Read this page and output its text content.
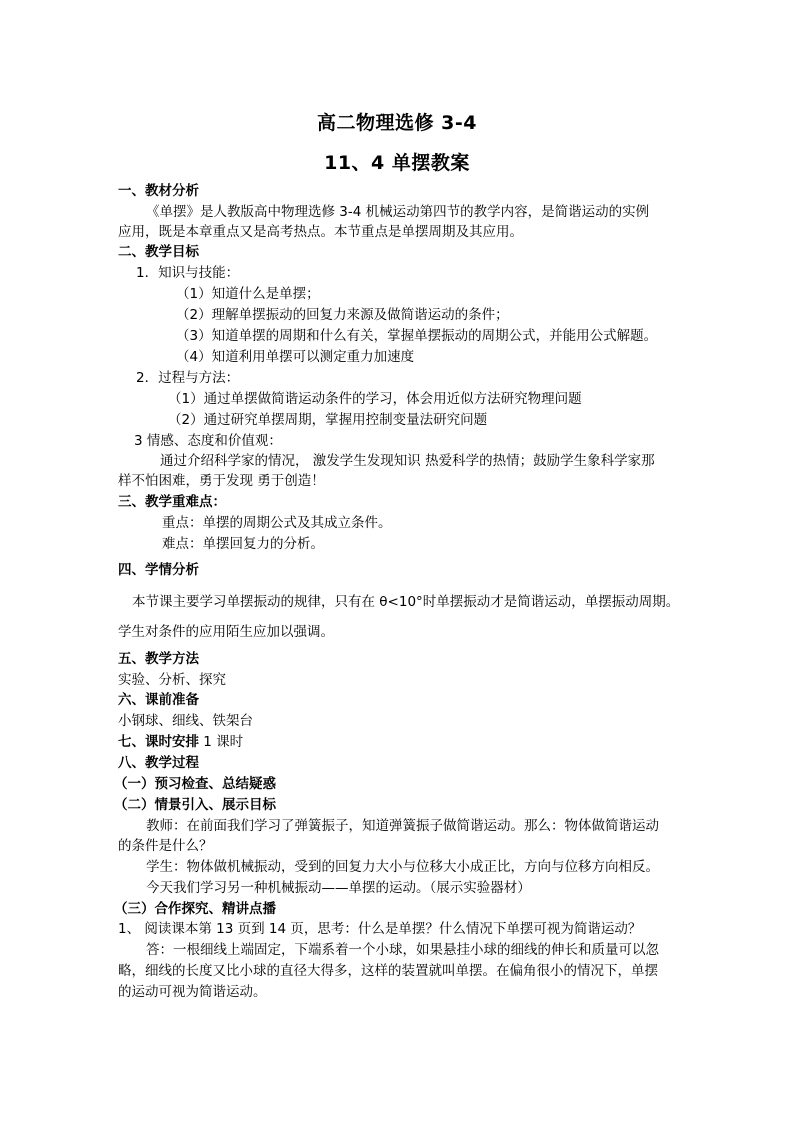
高二物理选修 3-4
11、4 单摆教案
一、教材分析
《单摆》是人教版高中物理选修 3-4 机械运动第四节的教学内容，是简谐运动的实例
应用，既是本章重点又是高考热点。本节重点是单摆周期及其应用。
二、教学目标
1．知识与技能：
（1）知道什么是单摆；
（2）理解单摆振动的回复力来源及做简谐运动的条件；
（3）知道单摆的周期和什么有关，掌握单摆振动的周期公式，并能用公式解题。
（4）知道利用单摆可以测定重力加速度
2．过程与方法：
（1）通过单摆做简谐运动条件的学习，体会用近似方法研究物理问题
（2）通过研究单摆周期，掌握用控制变量法研究问题
3 情感、态度和价值观：
通过介绍科学家的情况， 激发学生发现知识 热爱科学的热情；鼓励学生象科学家那
样不怕困难，勇于发现 勇于创造！
三、教学重难点：
重点：单摆的周期公式及其成立条件。
难点：单摆回复力的分析。
四、学情分析
本节课主要学习单摆振动的规律，只有在 θ<10°时单摆振动才是简谐运动，单摆振动周期。
学生对条件的应用陌生应加以强调。
五、教学方法
实验、分析、探究
六、课前准备
小钢球、细线、铁架台
七、课时安排 1 课时
八、教学过程
（一）预习检查、总结疑惑
（二）情景引入、展示目标
教师：在前面我们学习了弹簧振子，知道弹簧振子做简谐运动。那么：物体做简谐运动
的条件是什么？
学生：物体做机械振动，受到的回复力大小与位移大小成正比，方向与位移方向相反。
今天我们学习另一种机械振动——单摆的运动。（展示实验器材）
（三）合作探究、精讲点播
1、 阅读课本第 13 页到 14 页，思考：什么是单摆？什么情况下单摆可视为简谐运动？
答：一根细线上端固定，下端系着一个小球，如果悬挂小球的细线的伸长和质量可以忽
略，细线的长度又比小球的直径大得多，这样的装置就叫单摆。在偏角很小的情况下，单摆
的运动可视为简谐运动。
